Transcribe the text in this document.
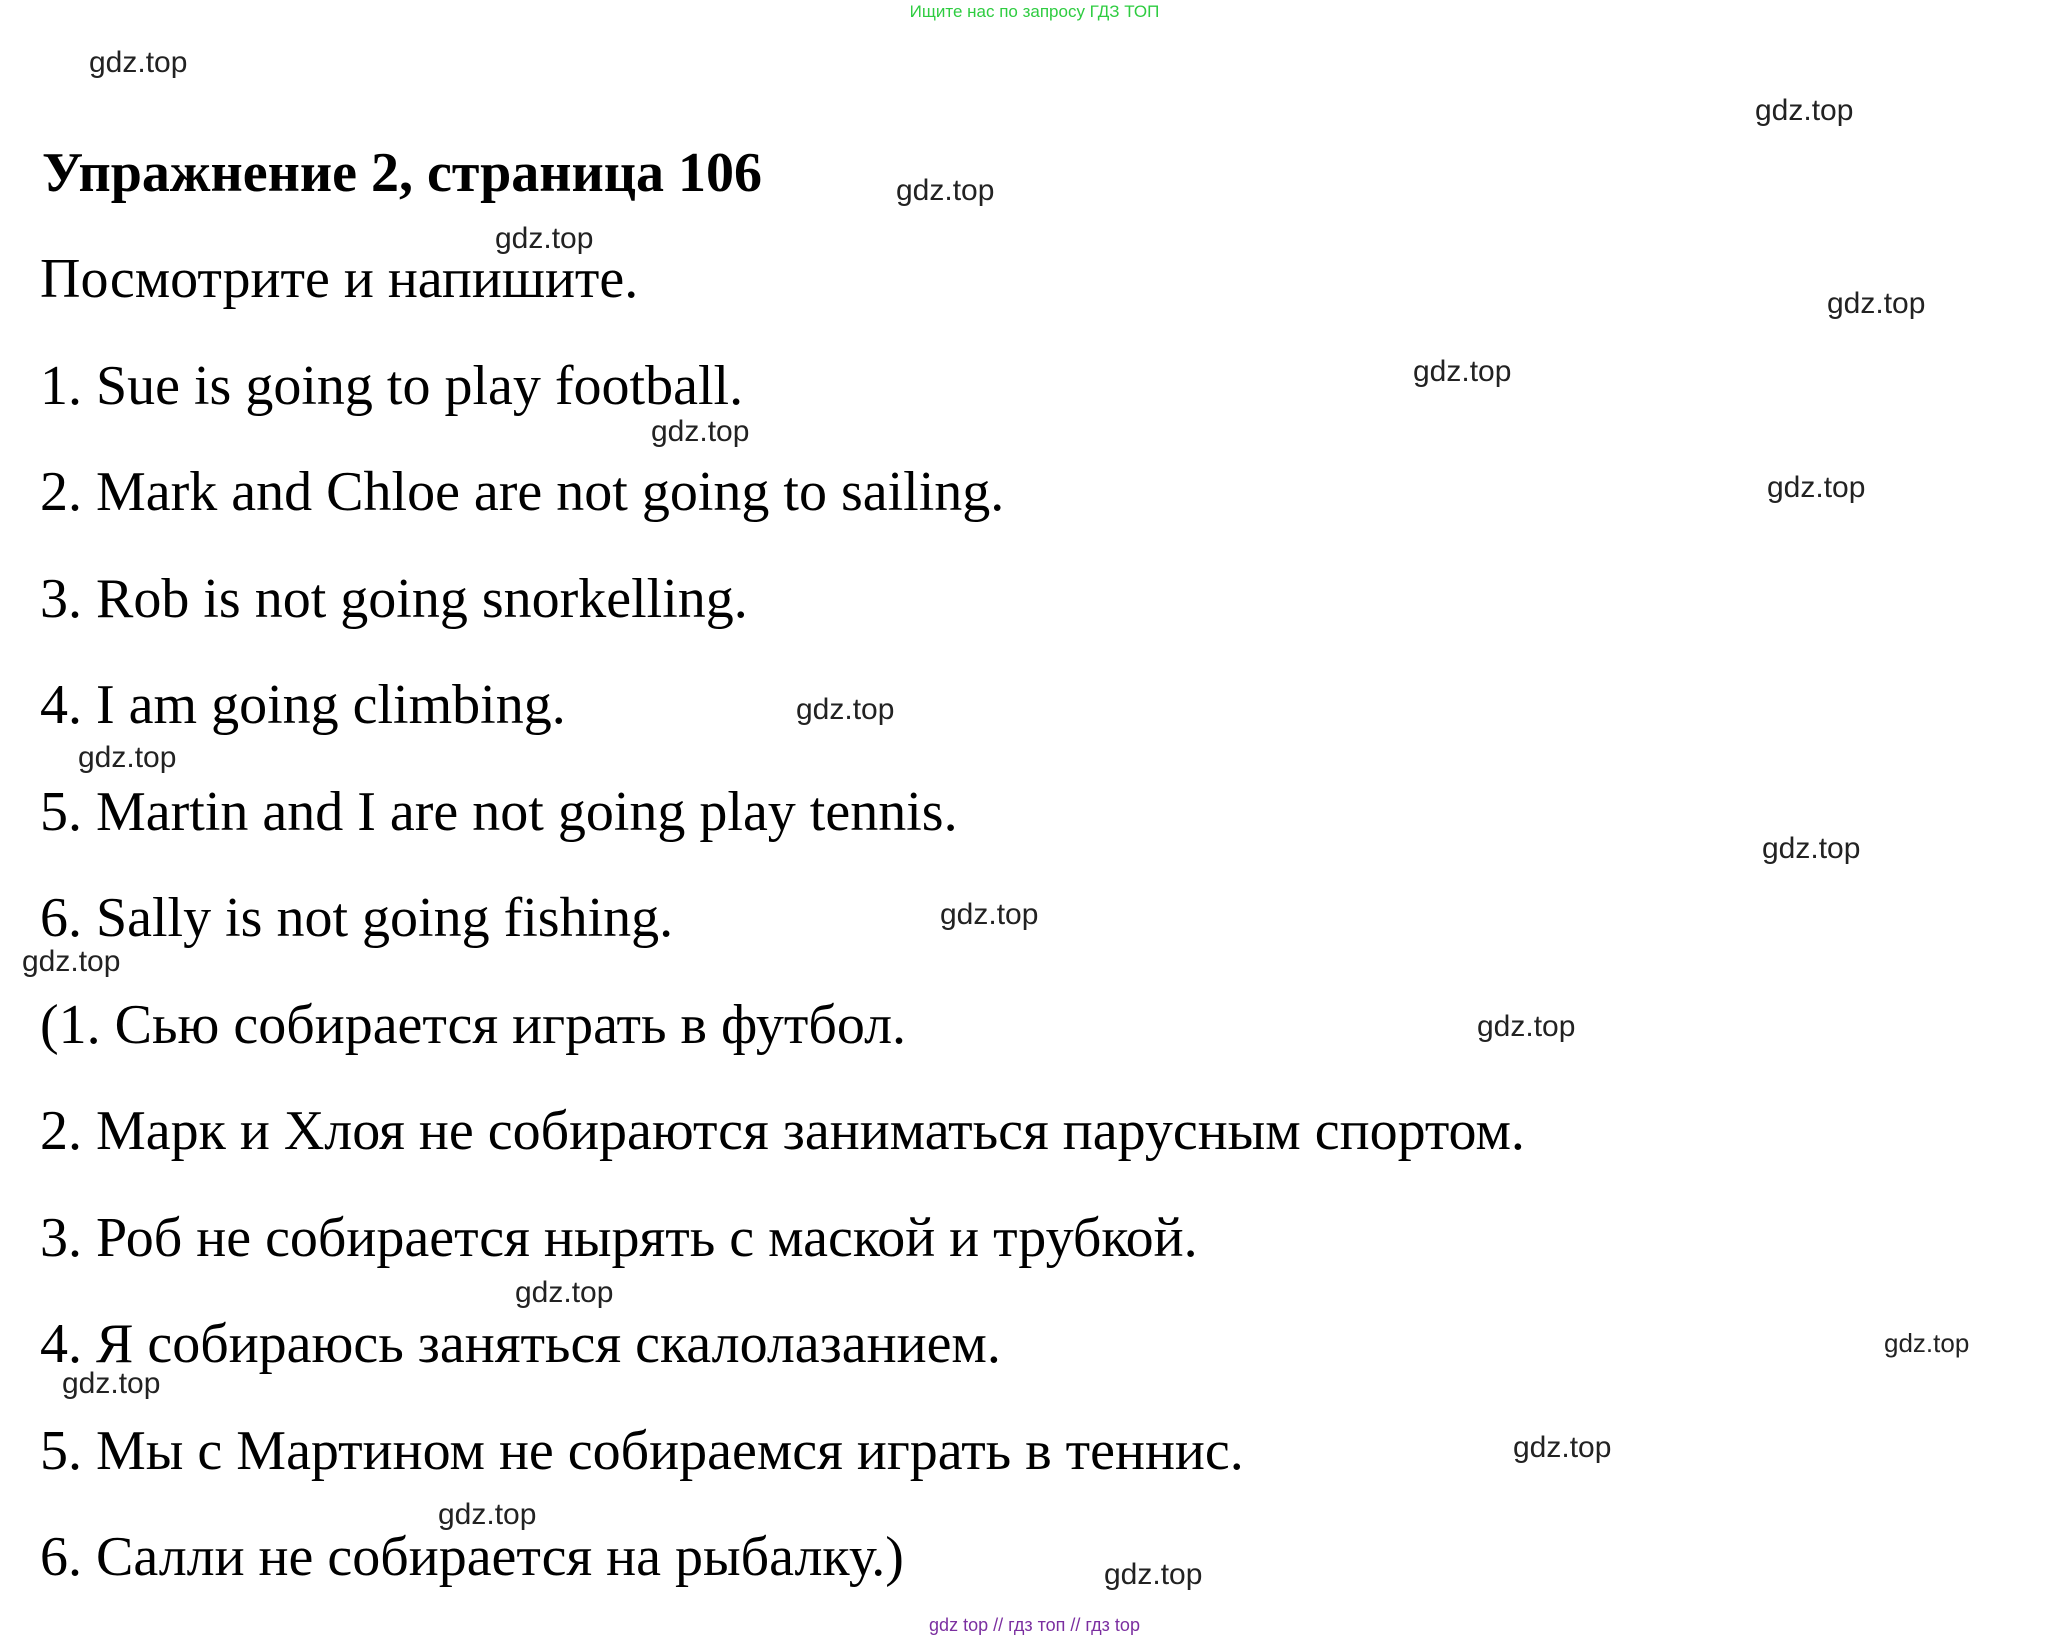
Ищите нас по запросу ГДЗ ТОП
Упражнение 2, страница 106
Посмотрите и напишите.
1. Sue is going to play football.
2. Mark and Chloe are not going to sailing.
3. Rob is not going snorkelling.
4. I am going climbing.
5. Martin and I are not going play tennis.
6. Sally is not going fishing.
(1. Сью собирается играть в футбол.
2. Марк и Хлоя не собираются заниматься парусным спортом.
3. Роб не собирается нырять с маской и трубкой.
4. Я собираюсь заняться скалолазанием.
5. Мы с Мартином не собираемся играть в теннис.
6. Салли не собирается на рыбалку.)
gdz.top
gdz.top
gdz.top
gdz.top
gdz.top
gdz.top
gdz.top
gdz.top
gdz.top
gdz.top
gdz.top
gdz.top
gdz.top
gdz.top
gdz.top
gdz.top
gdz.top
gdz.top
gdz.top
gdz.top
gdz top // гдз топ // гдз top
